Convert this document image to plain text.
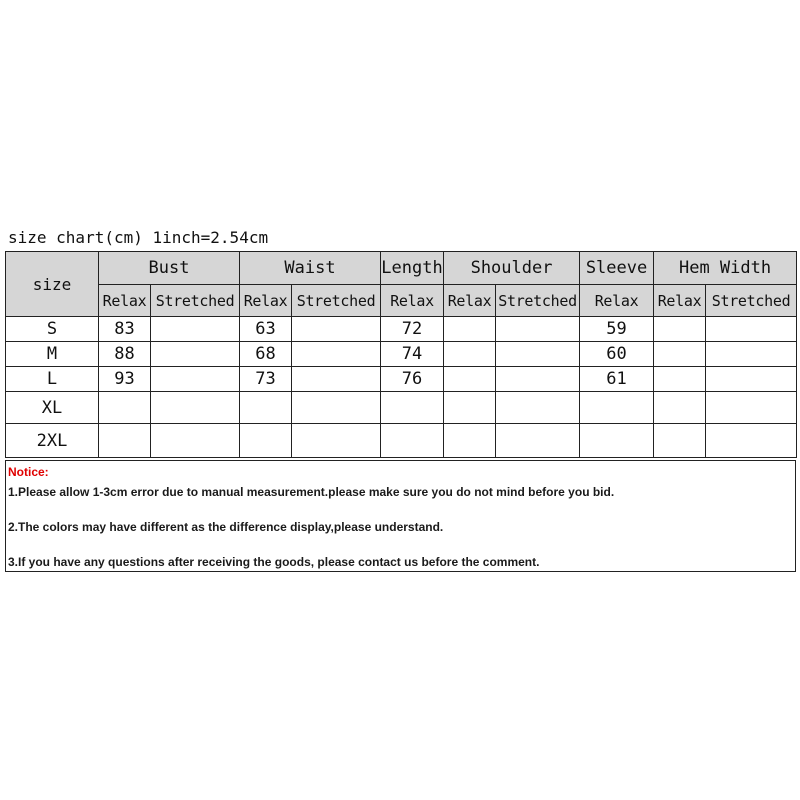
size chart(cm) 1inch=2.54cm
size	Bust		Waist		Length	Shoulder		Sleeve	Hem Width	
	Relax	Stretched	Relax	Stretched	Relax	Relax	Stretched	Relax	Relax	Stretched
S	83		63		72			59		
M	88		68		74			60		
L	93		73		76			61		
XL										
2XL										
Notice:
1.Please allow 1-3cm error due to manual measurement.please make sure you do not mind before you bid.
2.The colors may have different as the difference display,please understand.
3.If you have any questions after receiving the goods, please contact us before the comment.
